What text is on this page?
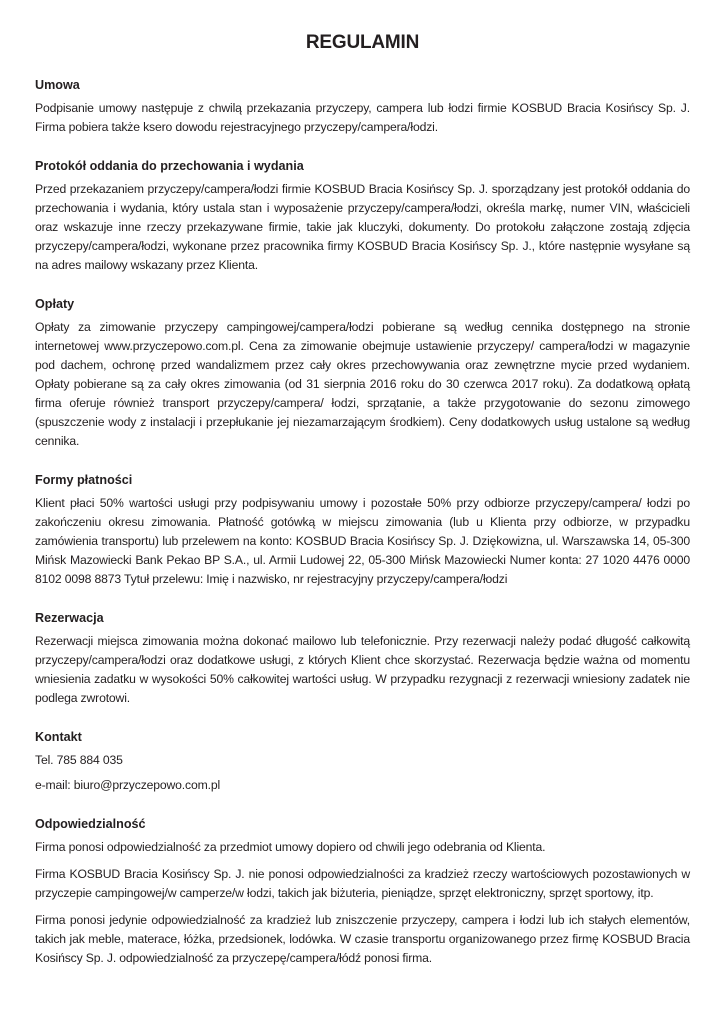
REGULAMIN
Umowa

Podpisanie umowy następuje z chwilą przekazania przyczepy, campera lub łodzi firmie KOSBUD Bracia Kosińscy Sp. J. Firma pobiera także ksero dowodu rejestracyjnego przyczepy/campera/łodzi.

Protokół oddania do przechowania i wydania

Przed przekazaniem przyczepy/campera/łodzi firmie KOSBUD Bracia Kosińscy Sp. J. sporządzany jest protokół oddania do przechowania i wydania, który ustala stan i wyposażenie przyczepy/campera/łodzi, określa markę, numer VIN, właścicieli oraz wskazuje inne rzeczy przekazywane firmie, takie jak kluczyki, dokumenty. Do protokołu załączone zostają zdjęcia przyczepy/campera/łodzi, wykonane przez pracownika firmy KOSBUD Bracia Kosińscy Sp. J., które następnie wysyłane są na adres mailowy wskazany przez Klienta.

Opłaty

Opłaty za zimowanie przyczepy campingowej/campera/łodzi pobierane są według cennika dostępnego na stronie internetowej www.przyczepowo.com.pl. Cena za zimowanie obejmuje ustawienie przyczepy/ campera/łodzi w magazynie pod dachem, ochronę przed wandalizmem przez cały okres przechowywania oraz zewnętrzne mycie przed wydaniem. Opłaty pobierane są za cały okres zimowania (od 31 sierpnia 2016 roku do 30 czerwca 2017 roku). Za dodatkową opłatą firma oferuje również transport przyczepy/campera/ łodzi, sprzątanie, a także przygotowanie do sezonu zimowego (spuszczenie wody z instalacji i przepłukanie jej niezamarzającym środkiem). Ceny dodatkowych usług ustalone są według cennika.

Formy płatności

Klient płaci 50% wartości usługi przy podpisywaniu umowy i pozostałe 50% przy odbiorze przyczepy/campera/ łodzi po zakończeniu okresu zimowania. Płatność gotówką w miejscu zimowania (lub u Klienta przy odbiorze, w przypadku zamówienia transportu) lub przelewem na konto: KOSBUD Bracia Kosińscy Sp. J. Dziękowizna, ul. Warszawska 14, 05-300 Mińsk Mazowiecki Bank Pekao BP S.A., ul. Armii Ludowej 22, 05-300 Mińsk Mazowiecki Numer konta: 27 1020 4476 0000 8102 0098 8873 Tytuł przelewu: Imię i nazwisko, nr rejestracyjny przyczepy/campera/łodzi

Rezerwacja

Rezerwacji miejsca zimowania można dokonać mailowo lub telefonicznie. Przy rezerwacji należy podać długość całkowitą przyczepy/campera/łodzi oraz dodatkowe usługi, z których Klient chce skorzystać. Rezerwacja będzie ważna od momentu wniesienia zadatku w wysokości 50% całkowitej wartości usług. W przypadku rezygnacji z rezerwacji wniesiony zadatek nie podlega zwrotowi.

Kontakt

Tel. 785 884 035

e-mail: biuro@przyczepowo.com.pl

Odpowiedzialność

Firma ponosi odpowiedzialność za przedmiot umowy dopiero od chwili jego odebrania od Klienta.

Firma KOSBUD Bracia Kosińscy Sp. J. nie ponosi odpowiedzialności za kradzież rzeczy wartościowych pozostawionych w przyczepie campingowej/w camperze/w łodzi, takich jak biżuteria, pieniądze, sprzęt elektroniczny, sprzęt sportowy, itp.

Firma ponosi jedynie odpowiedzialność za kradzież lub zniszczenie przyczepy, campera i łodzi lub ich stałych elementów, takich jak meble, materace, łóżka, przedsionek, lodówka. W czasie transportu organizowanego przez firmę KOSBUD Bracia Kosińscy Sp. J. odpowiedzialność za przyczepę/campera/łódź ponosi firma.
